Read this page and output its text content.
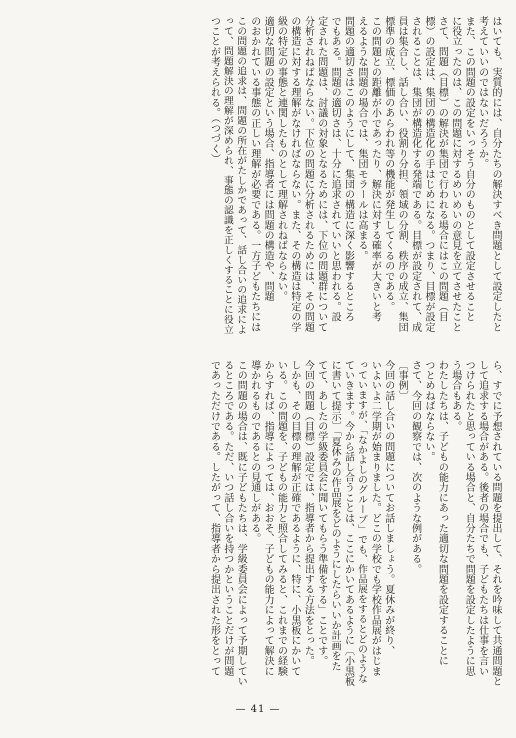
はいても、実質的には、自分たちの解決すべき問題として設定したと
考えていいのではないだろうか。
また、この問題の設定をいっそう自分のものとして設定させること
に役立ったのは、この問題に対するめいめいの意見を立てさせたこと
さて、問題（目標）の解決が集団で行われる場合にはこの問題（目
標）の設定は、集団の構造化の手はじめになる。つまり、目標が設定
されることは、集団が構造化する発端である。目標が設定されて、成
員は集合し、話し合い、役割り分担、領域の分割、秩序の成立、集団
標準の成立、標価のあらわれ等の機能が発生してくるのである。
この問題との距離が小であったり、解決に対する確率が大きいと考
えるような問題の場合では、集団モラールは高まる。
問題の適切さはこのようにして、集団の構造に深く影響するところ
でもある。問題の適切さは、十分に追求されていいと思われる。設
定された問題は、討議の対象となるためには、下位の問題群について
分析されねばならない。下位の問題に分析されるためには、その問題
の構造に対する理解がなければならない。また、その構造は特定の学
級の特定の事態と連関したものとして理解されねばならない。
適切な問題の設定という場合、指導者には問題の構造や、問題
のおかれている事態の正しい理解が必要である。一方子どもたちには
この問題の追求は、問題の所在がたしかであって、話し合いの追求によ
って、問題解決の理解が深められ、事態の認識を正しくすることに役立
つことが考えられる。（つづく）
ら、すでに予想されている問題を提出して、それを吟味して共通問題と
して追求する場合がある。後者の場合でも、子どもたちは仕事を言い
つけられたと思っている場合と、自分たちで問題を設定したように思
う場合もある。
わたしたちは、子どもの能力にあった適切な問題を設定することに
つとめねばならない。
さて、今回の観察では、次のような例がある。
〔事例〕
今回の話し合いの問題についてお話しましょう。夏休みが終り、
いよいよ二学期が始まりました。どこの学校でも学校作品展がはじま
っていますが、「なかよしのグループ」でも、作品展をするとどのような
ていきます。今から話し合うことは、ここにかいてあるように〔小黒板
に書いて提示〕「夏休みの作品展をどのようにしたらいいか計画をた
てて、あしたの学級委員会に聞いてもらう準備をする」ことです。
今回の問題（目標）設定では、指導者から提出する方法をとった。
しかも、その目標の理解が正確であるように、特に、小黒板にかいて
いる。この問題を、子どもの能力と照合してみると、これまでの経験
からすれば、指導によっては、おおそ、子どもの能力によって解決に
導かれるものであるとの見通しがある。
この問題の場合は、既に子どもたちは、学級委員会によって予期してい
るところである。ただ、いつ話し合いを持つかということだけが問題
であっただけである。したがって、指導者から提出された形をとって
— 41 —
